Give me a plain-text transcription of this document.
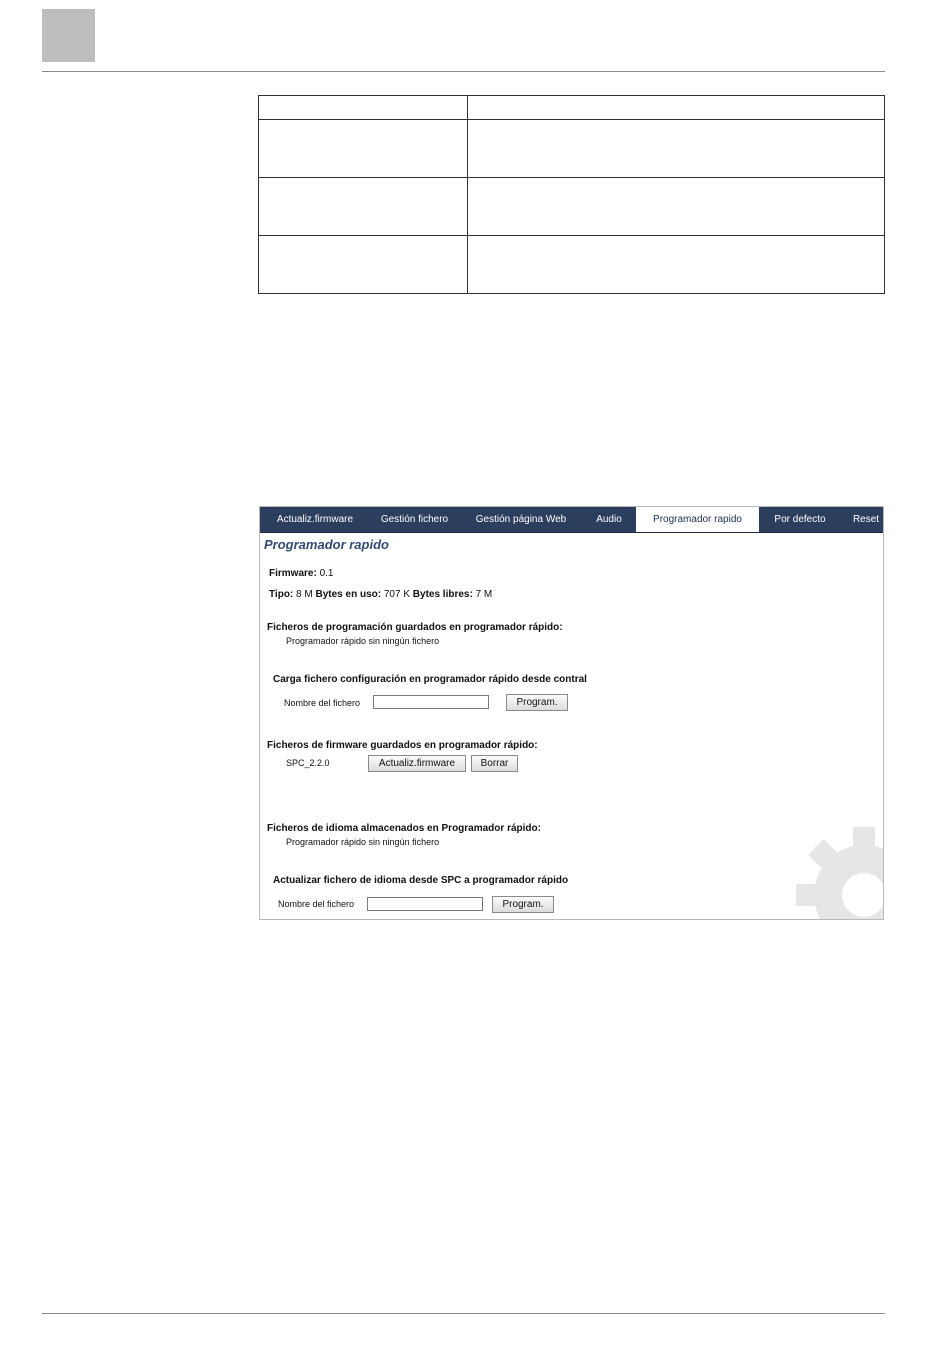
Actualiz.firmware	Gestión fichero	Gestión página Web	Audio	Programador rapido	Por defecto	Reset
Programador rapido
Firmware: 0.1
Tipo: 8 M Bytes en uso: 707 K Bytes libres: 7 M
Ficheros de programación guardados en programador rápido:
Programador rápido sin ningún fichero
Carga fichero configuración en programador rápido desde contral
Nombre del fichero	Program.
Ficheros de firmware guardados en programador rápido:
SPC_2.2.0	Actualiz.firmware	Borrar
Ficheros de idioma almacenados en Programador rápido:
Programador rápido sin ningún fichero
Actualizar fichero de idioma desde SPC a programador rápido
Nombre del fichero	Program.
